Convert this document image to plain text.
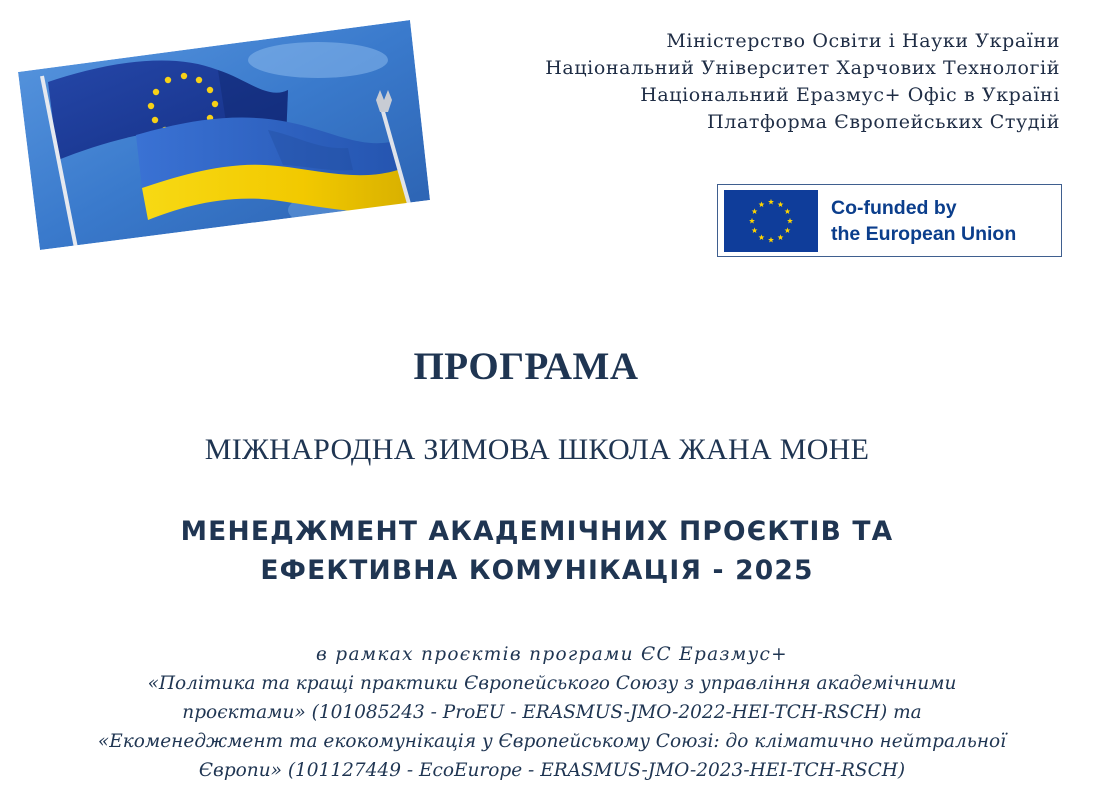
Міністерство Освіти і Науки України
Національний Університет Харчових Технологій
Національний Еразмус+ Офіс в Україні
Платформа Європейських Студій
Co-funded by
the European Union
ПРОГРАМА
МІЖНАРОДНА ЗИМОВА ШКОЛА ЖАНА МОНЕ
МЕНЕДЖМЕНТ АКАДЕМІЧНИХ ПРОЄКТІВ ТА
ЕФЕКТИВНА КОМУНІКАЦІЯ - 2025
в рамках проєктів програми ЄС Еразмус+
«Політика та кращі практики Європейського Союзу з управління академічними
проєктами» (101085243 - ProEU - ERASMUS-JMO-2022-HEI-TCH-RSCH) та
«Екоменеджмент та екокомунікація у Європейському Союзі: до кліматично нейтральної
Європи» (101127449 - EcoEurope - ERASMUS-JMO-2023-HEI-TCH-RSCH)
